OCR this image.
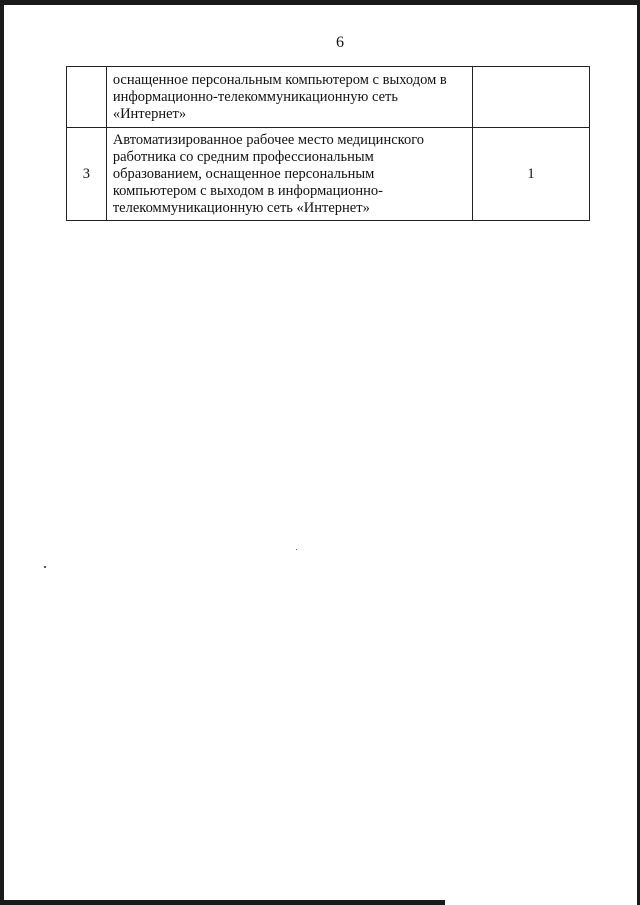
6

	оснащенное персональным компьютером с выходом в
информационно-телекоммуникационную сеть
«Интернет»	

3	Автоматизированное рабочее место медицинского
работника со средним профессиональным
образованием, оснащенное персональным
компьютером с выходом в информационно-
телекоммуникационную сеть «Интернет»	1
